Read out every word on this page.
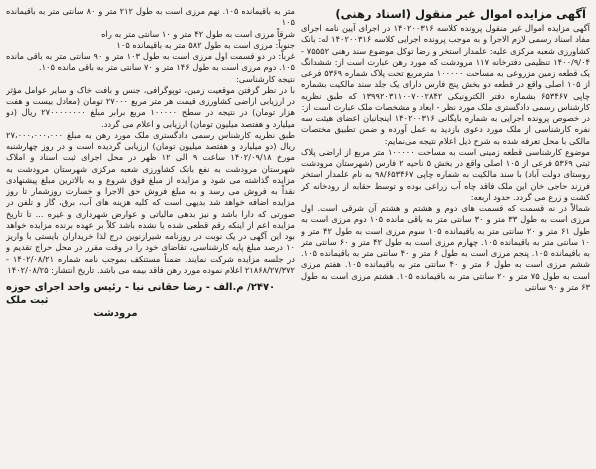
متر به باقیمانده ۱۰۵. نهم مرزی است به طول ۲۱۲ متر و ۸۰ سانتی متر به باقیمانده ۱۰۵

شرقاً مرزی است به طول ۴۲ متر و ۱۰ سانتی متر به راه

جنوباً: مرزی است به طول ۵۸۲ متر به باقیمانده ۱۰۵

غرباً: در دو قسمت اول مرزی است به طول ۱۰۳ متر و ۹۰ سانتی متر به باقی مانده ۱۰۵. دوم مرزی است به طول ۱۴۶ متر و ۷۰ سانتی متر به باقی مانده ۱۰۵.

نتیجه کارشناسی:

با در نظر گرفتن موقعیت زمین، توپوگرافی، جنس و بافت خاک و سایر عوامل مؤثر در ارزیابی اراضی کشاورزی قیمت هر متر مربع ۲۷۰۰۰ تومان (معادل بیست و هفت هزار تومان) در نتیجه در سطح ۱۰۰۰۰۰ مربع برابر مبلغ ۲۷۰۰۰۰۰۰۰۰ ریال (دو میلیارد و هفتصد میلیون تومان) ارزیابی و اعلام می گردد.

طبق نظریه کارشناس رسمی دادگستری ملک مورد رهن به مبلغ ۲۷،۰۰۰،۰۰۰،۰۰۰ ریال (دو میلیارد و هفتصد میلیون تومان) ارزیابی گردیده است و در روز چهارشنبه مورخ ۱۴۰۲/۰۹/۱۸ ساعت ۹ الی ۱۲ ظهر در محل اجرای ثبت اسناد و املاک شهرستان مرودشت به نفع بانک کشاورزی شعبه مرکزی شهرستان مرودشت به مزایده گذاشته می شود و مزایده از مبلغ فوق شروع و به بالاترین مبلغ پیشنهادی نقداً به فروش می رسد و به مبلغ فروش حق الاجرا و خسارت روزشمار تا روز مزایده اضافه خواهد شد بدیهی است که کلیه هزینه های آب، برق، گاز و تلفن در صورتی که دارا باشد و نیز بدهی مالیاتی و عوارض شهرداری و غیره ... تا تاریخ مزایده اعم از اینکه رقم قطعی شده یا نشده باشد کلاً بر عهده برنده مزایده خواهد بود این آگهی در یک نوبت در روزنامه شیرازنوین درج لذا خریداران بایستی با واریز ۱۰ درصد مبلغ پایه کارشناسی، تقاضای خود را در وقت مقرر در محل حراج تقدیم و در جلسه مزایده شرکت نمایند. ضمناً مستنکف بموجب نامه شماره ۱۴۰۲/۰۸/۲۱ - ۲۱۸۶۸/۲۷/۳۷۲ اعلام نموده مورد رهن فاقد بیمه می باشد. تاریخ انتشار: ۱۴۰۲/۰۸/۲۵

۲۴۷۰/ م.الف - رضا حقانی نیا - رئیس واحد اجرای حوزه ثبت ملک

مرودشت

آگهی مزایده اموال غیر منقول (اسناد رهنی)

آگهی مزایده اموال غیر منقول پرونده کلاسه ۱۴۰۲۰۰۳۱۶ در اجرای آیین نامه اجرای مفاد اسناد رسمی لازم الاجرا و به موجب پرونده اجرایی کلاسه ۱۴۰۲۰۰۳۱۶ له: بانک کشاورزی شعبه مرکزی علیه: علمدار استخر و رضا توکل موضوع سند رهنی ۷۵۵۵۲ - ۱۴۰۰/۹/۰۴ تنظیمی دفترخانه ۱۱۷ مرودشت که مورد رهن عبارت است از: ششدانگ یک قطعه زمین مزروعی به مساحت ۱۰۰۰۰۰ مترمربع تحت پلاک شماره ۵۳۶۹ فرعی از ۱۰۵ اصلی واقع در قطعه دو بخش پنج فارس دارای یک جلد سند مالکیت بشماره چاپی ۶۵۳۴۶۷ بشماره دفتر الکترونیکی ۱۳۹۹۲۰۳۱۱۰۰۷۰۰۲۸۴۲ که طبق نظریه کارشناس رسمی دادگستری ملک مورد نظر - ابعاد و مشخصات ملک عبارت است از:

در خصوص پرونده اجرایی به شماره بایگانی ۱۴۰۲۰۰۳۱۶ اینجانبان اعضای هیئت سه نفره کارشناسی از ملک مورد دعوی بازدید به عمل آورده و ضمن تطبیق مختصات مالکی با محل تعرفه شده به شرح ذیل اعلام نتیجه می‌نمایم:

موضوع کارشناسی قطعه زمینی است به مساحت ۱۰۰۰۰۰ متر مربع از اراضی پلاک ثبتی ۵۳۶۹ فرعی از ۱۰۵ اصلی واقع در بخش ۵ ناحیه ۲ فارس (شهرستان مرودشت روستای دولت آباد) با سند مالکیت به شماره چاپی ۹۸/۶۵۳۴۶۷ به نام علمدار استخر فرزند حاجی خان این ملک فاقد چاه آب زراعی بوده و توسط حقابه از رودخانه کر کشت و زرع می گردد. حدود اربعه:

شمالاً در نه قسمت که قسمت های دوم و هشتم و هشتم آن شرقی است. اول مرزی است به طول ۳۳ متر و ۳۰ سانتی متر به باقی مانده ۱۰۵ دوم مرزی است به طول ۶۱ متر و ۲۰ سانتی متر به باقیمانده ۱۰۵ سوم مرزی است به طول ۴۲ متر و ۱۰ سانتی متر به باقیمانده ۱۰۵. چهارم مرزی است به طول ۴۲ متر و ۶۰ سانتی متر به باقیمانده ۱۰۵. پنجم مرزی است به طول ۶ متر و ۴۰ سانتی متر به باقیمانده ۱۰۵. ششم مرزی است به طول ۶ متر و ۴۰ سانتی متر به باقیمانده ۱۰۵. هفتم مرزی است به طول ۷۵ متر و ۲۰ سانتی متر به باقیمانده ۱۰۵. هشتم مرزی است به طول ۶۳ متر و ۹۰ سانتی
